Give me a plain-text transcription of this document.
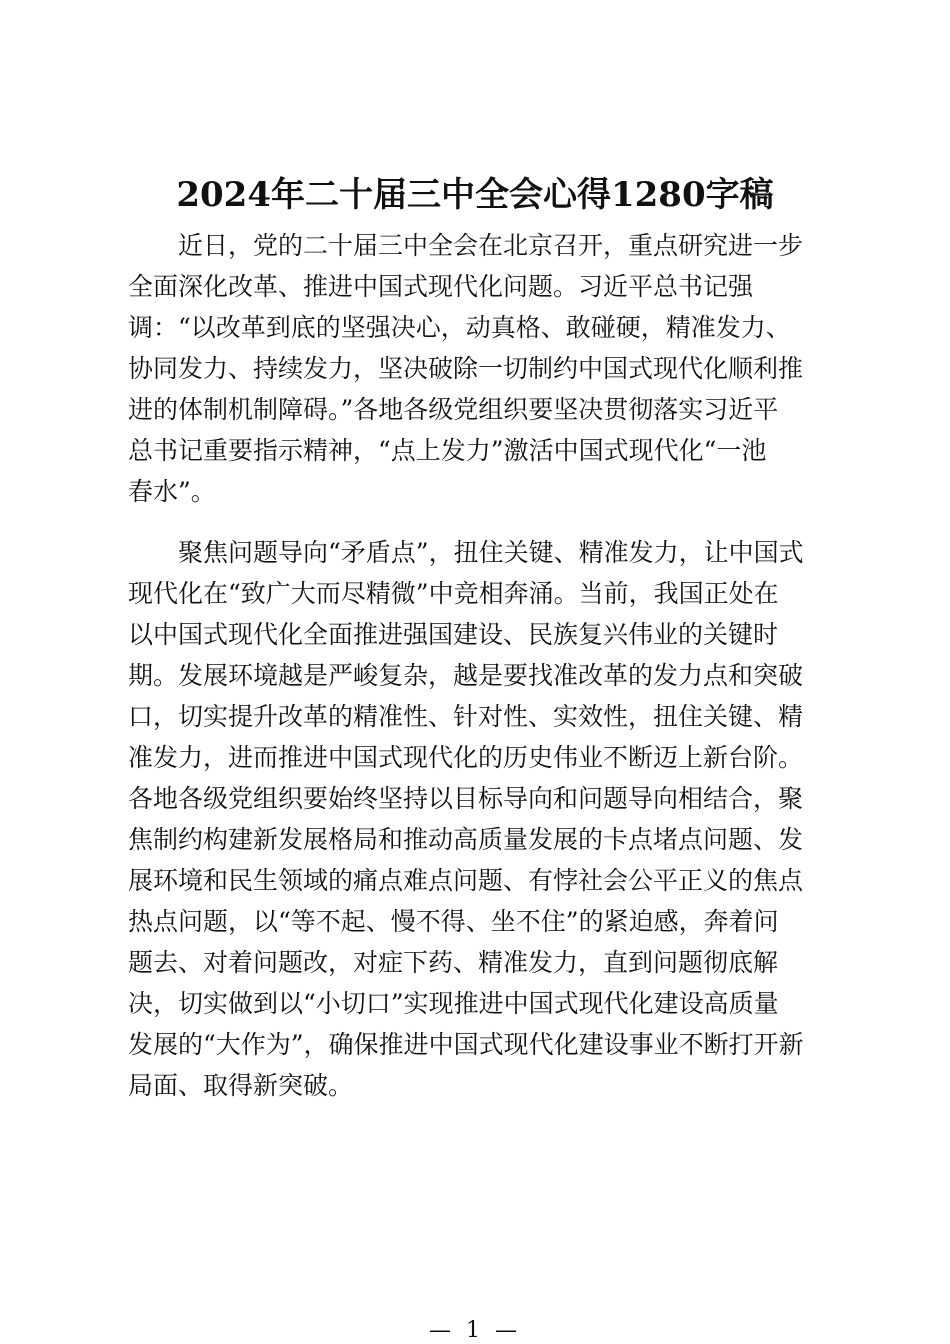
2024年二十届三中全会心得1280字稿

　　近日，党的二十届三中全会在北京召开，重点研究进一步
全面深化改革、推进中国式现代化问题。习近平总书记强
调：“以改革到底的坚强决心，动真格、敢碰硬，精准发力、
协同发力、持续发力，坚决破除一切制约中国式现代化顺利推
进的体制机制障碍。”各地各级党组织要坚决贯彻落实习近平
总书记重要指示精神，“点上发力”激活中国式现代化“一池
春水”。

　　聚焦问题导向“矛盾点”，扭住关键、精准发力，让中国式
现代化在“致广大而尽精微”中竞相奔涌。当前，我国正处在
以中国式现代化全面推进强国建设、民族复兴伟业的关键时
期。发展环境越是严峻复杂，越是要找准改革的发力点和突破
口，切实提升改革的精准性、针对性、实效性，扭住关键、精
准发力，进而推进中国式现代化的历史伟业不断迈上新台阶。
各地各级党组织要始终坚持以目标导向和问题导向相结合，聚
焦制约构建新发展格局和推动高质量发展的卡点堵点问题、发
展环境和民生领域的痛点难点问题、有悖社会公平正义的焦点
热点问题，以“等不起、慢不得、坐不住”的紧迫感，奔着问
题去、对着问题改，对症下药、精准发力，直到问题彻底解
决，切实做到以“小切口”实现推进中国式现代化建设高质量
发展的“大作为”，确保推进中国式现代化建设事业不断打开新
局面、取得新突破。

— 1 —
